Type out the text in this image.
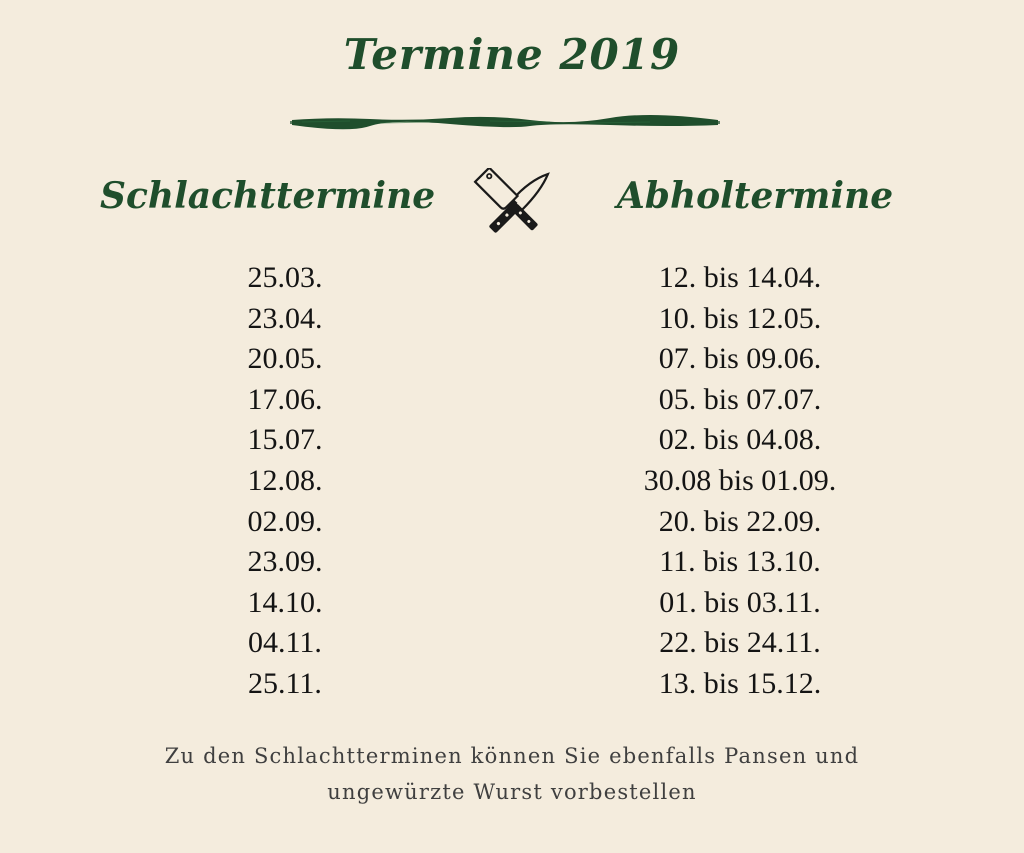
Termine 2019
Schlachttermine	Abholtermine
25.03.
23.04.
20.05.
17.06.
15.07.
12.08.
02.09.
23.09.
14.10.
04.11.
25.11.
12. bis 14.04.
10. bis 12.05.
07. bis 09.06.
05. bis 07.07.
02. bis 04.08.
30.08 bis 01.09.
20. bis 22.09.
11. bis 13.10.
01. bis 03.11.
22. bis 24.11.
13. bis 15.12.
Zu den Schlachtterminen können Sie ebenfalls Pansen und
ungewürzte Wurst vorbestellen
